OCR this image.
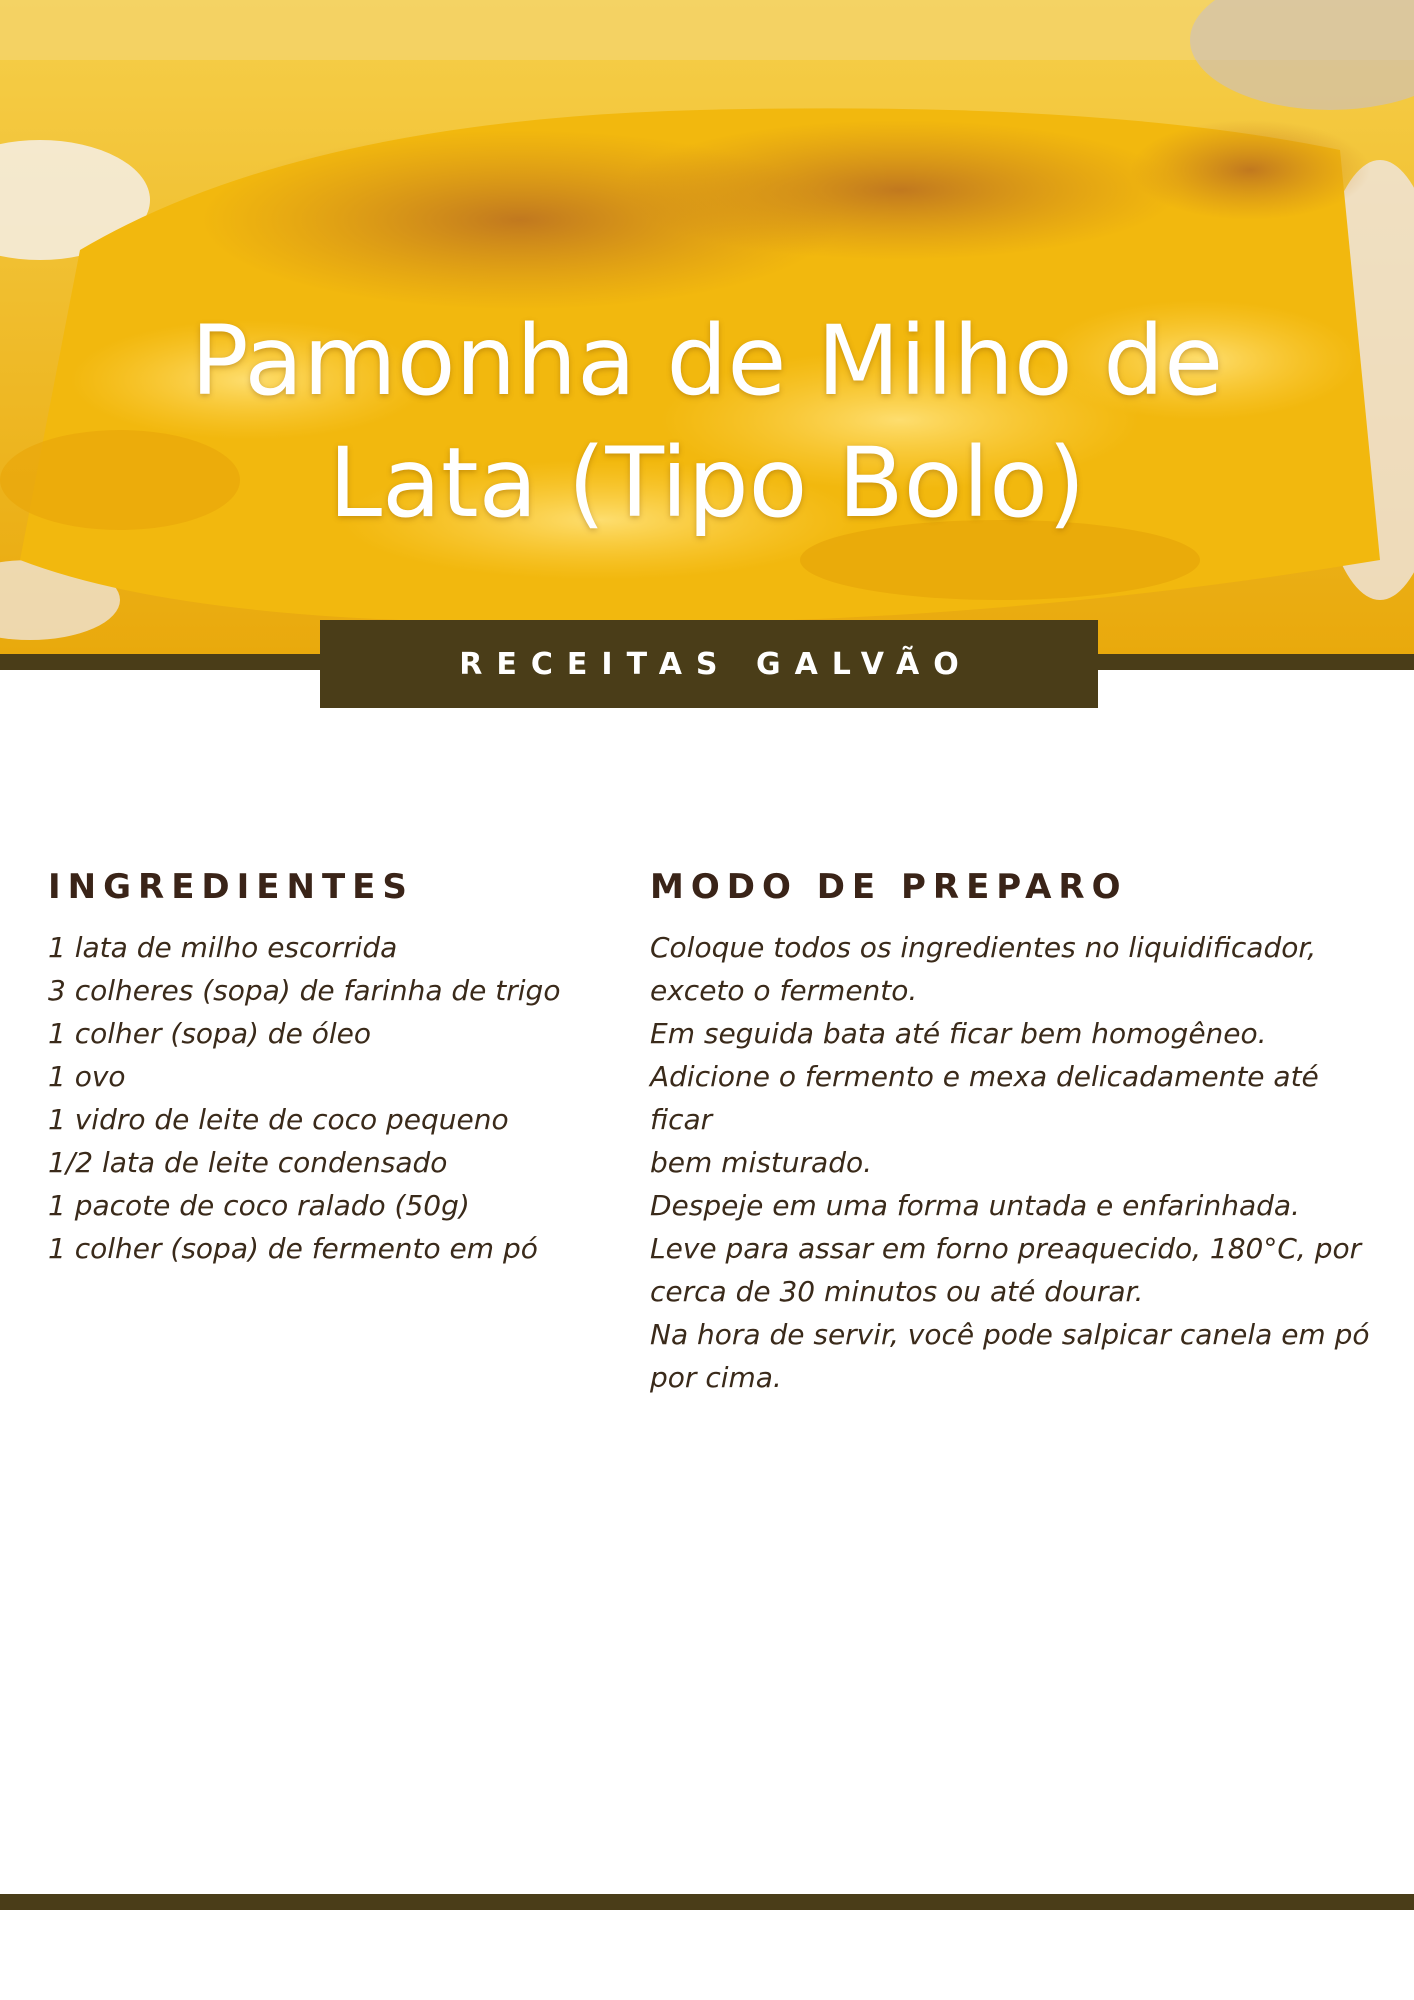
Pamonha de Milho de
Lata (Tipo Bolo)
RECEITAS GALVÃO
INGREDIENTES
1 lata de milho escorrida
3 colheres (sopa) de farinha de trigo
1 colher (sopa) de óleo
1 ovo
1 vidro de leite de coco pequeno
1/2 lata de leite condensado
1 pacote de coco ralado (50g)
1 colher (sopa) de fermento em pó
MODO DE PREPARO
Coloque todos os ingredientes no liquidificador,
exceto o fermento.
Em seguida bata até ficar bem homogêneo.
Adicione o fermento e mexa delicadamente até ficar
bem misturado.
Despeje em uma forma untada e enfarinhada.
Leve para assar em forno preaquecido, 180°C, por
cerca de 30 minutos ou até dourar.
Na hora de servir, você pode salpicar canela em pó
por cima.
